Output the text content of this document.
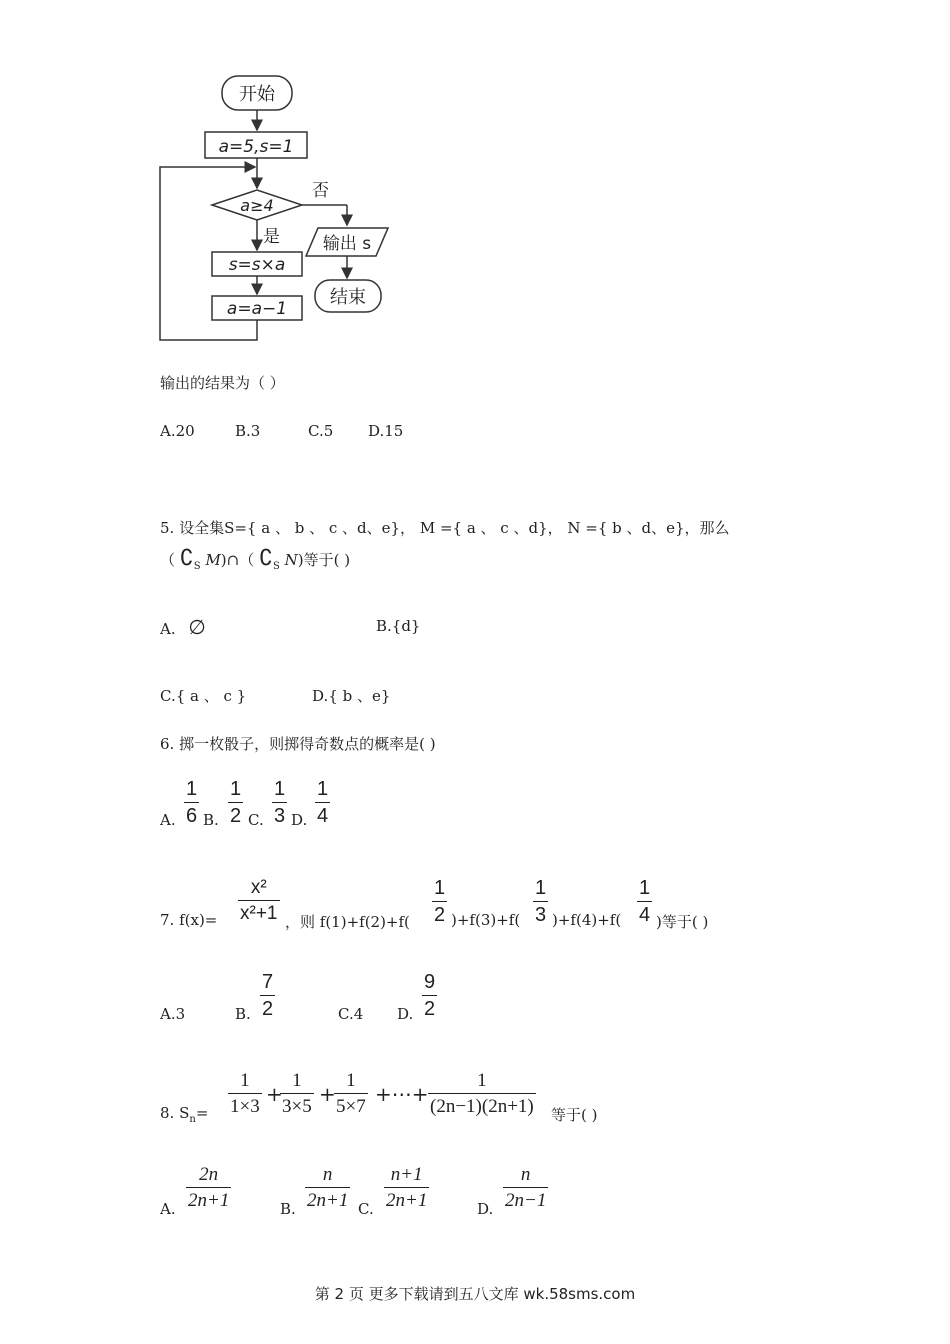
开始
a=5,s=1
a≥4
否
输出 s
结束
是
s=s×a
a=a−1
输出的结果为（ ）
A.20	B.3	C.5 D.15
5. 设全集S={ a 、 b 、 c 、d、e}， M ={ a 、 c 、d}， N ={ b 、d、e}，那么
（ $∁_S$ M)∩（ $∁_S$ N)等于( )
A. ∅	B.{d}
C.{ a 、 c }	D.{ b 、e}
6. 掷一枚骰子，则掷得奇数点的概率是( )
A. $\frac{1}{6} B$. $\frac{1}{2} C$. $\frac{1}{3} D$. $\frac{1}{4}$
7. $f(x)= \frac{\text{x²}}{\text{x²+1}}$ ，则 $f(1)+f(2)+f( \frac{1}{2} )+f(3)+f( \frac{1}{3} )+f(4)+f( \frac{1}{4}$ )等于( )
A.3	B. $\frac{7}{2}$	C.4 D. $\frac{9}{2}$
8. $S_n= \frac{1}{1\times 3}$ +
$\frac{1}{3\times 5}$ +
$\frac{1}{5\times 7}$ +⋯+ $\frac{1}{(2n-1)(2n+1)}$ 等于( )
A. $\frac{2n}{2n+1}$	B. $\frac{n}{2n+1} C$. $\frac{n+1}{2n+1}$	D. $\frac{n}{2n-1}$
第 2 页 更多下载请到五八文库 wk.58sms.com
